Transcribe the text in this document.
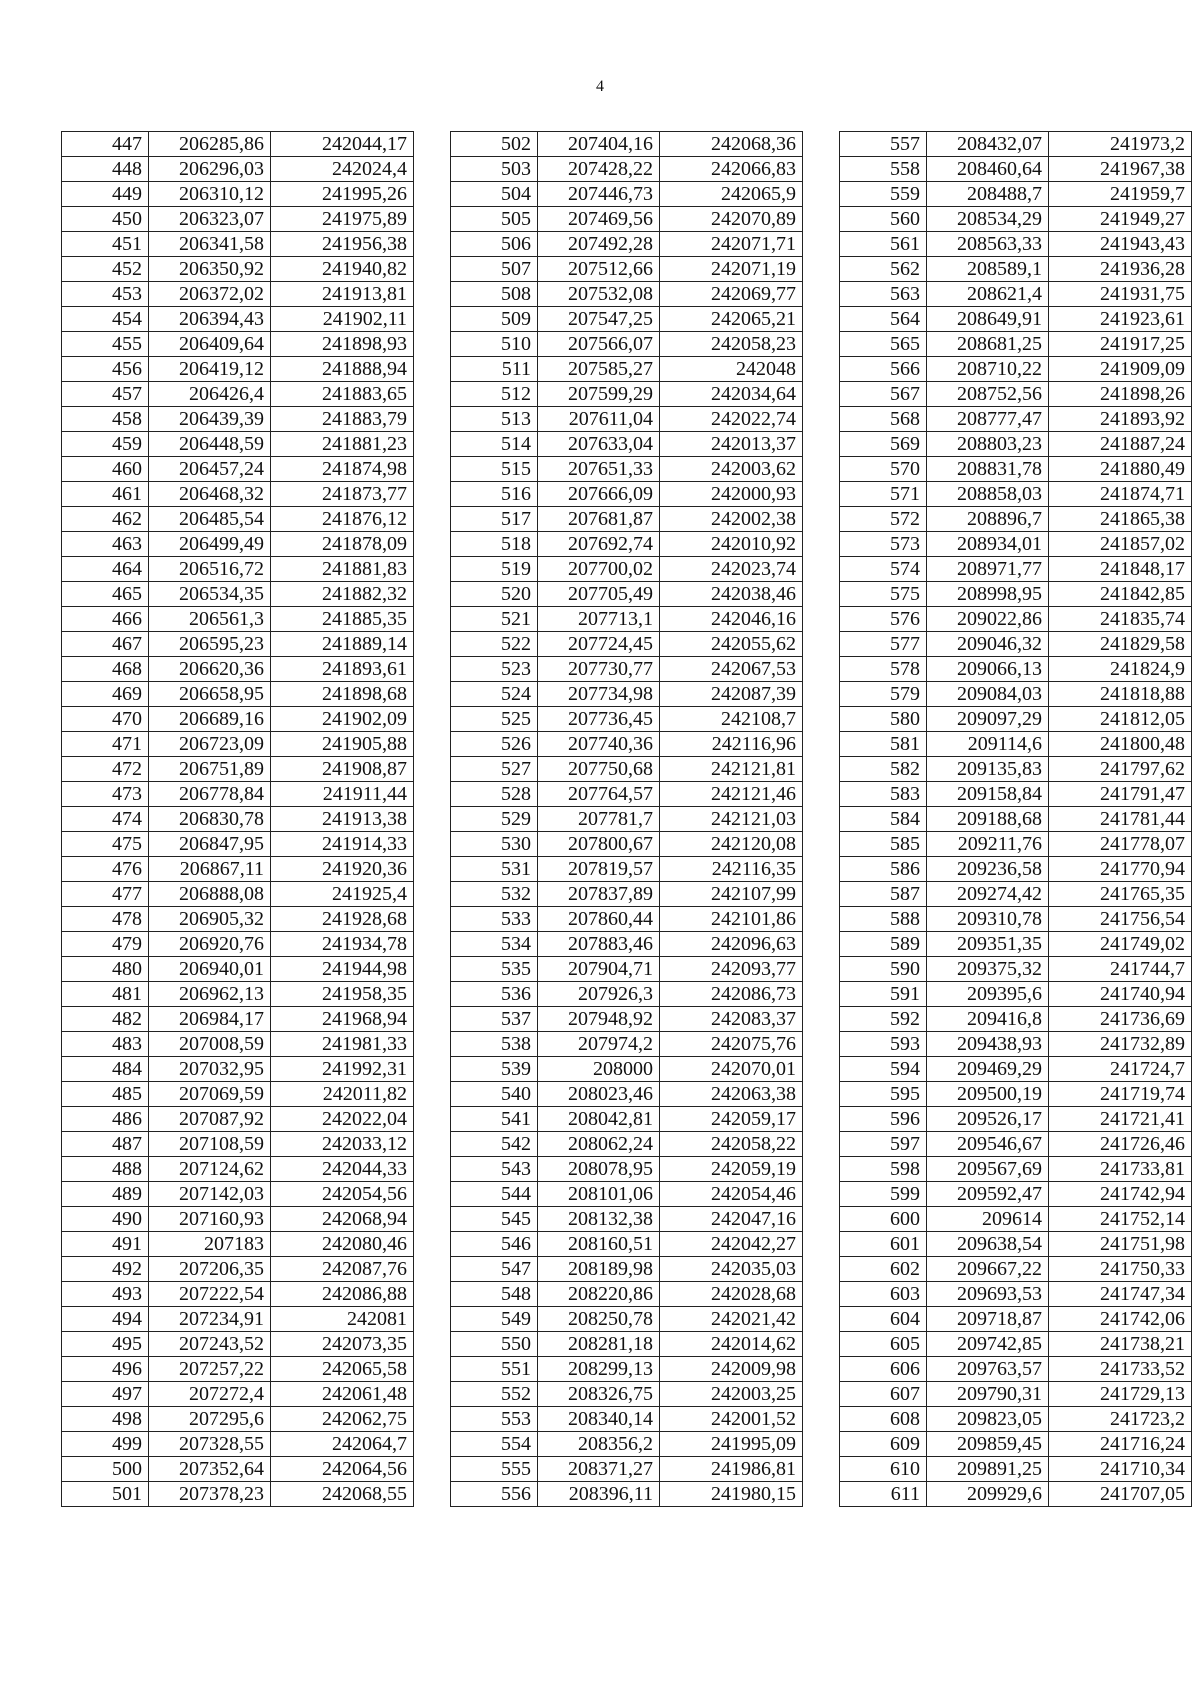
4
447	206285,86	242044,17
448	206296,03	242024,4
449	206310,12	241995,26
450	206323,07	241975,89
451	206341,58	241956,38
452	206350,92	241940,82
453	206372,02	241913,81
454	206394,43	241902,11
455	206409,64	241898,93
456	206419,12	241888,94
457	206426,4	241883,65
458	206439,39	241883,79
459	206448,59	241881,23
460	206457,24	241874,98
461	206468,32	241873,77
462	206485,54	241876,12
463	206499,49	241878,09
464	206516,72	241881,83
465	206534,35	241882,32
466	206561,3	241885,35
467	206595,23	241889,14
468	206620,36	241893,61
469	206658,95	241898,68
470	206689,16	241902,09
471	206723,09	241905,88
472	206751,89	241908,87
473	206778,84	241911,44
474	206830,78	241913,38
475	206847,95	241914,33
476	206867,11	241920,36
477	206888,08	241925,4
478	206905,32	241928,68
479	206920,76	241934,78
480	206940,01	241944,98
481	206962,13	241958,35
482	206984,17	241968,94
483	207008,59	241981,33
484	207032,95	241992,31
485	207069,59	242011,82
486	207087,92	242022,04
487	207108,59	242033,12
488	207124,62	242044,33
489	207142,03	242054,56
490	207160,93	242068,94
491	207183	242080,46
492	207206,35	242087,76
493	207222,54	242086,88
494	207234,91	242081
495	207243,52	242073,35
496	207257,22	242065,58
497	207272,4	242061,48
498	207295,6	242062,75
499	207328,55	242064,7
500	207352,64	242064,56
501	207378,23	242068,55
502	207404,16	242068,36
503	207428,22	242066,83
504	207446,73	242065,9
505	207469,56	242070,89
506	207492,28	242071,71
507	207512,66	242071,19
508	207532,08	242069,77
509	207547,25	242065,21
510	207566,07	242058,23
511	207585,27	242048
512	207599,29	242034,64
513	207611,04	242022,74
514	207633,04	242013,37
515	207651,33	242003,62
516	207666,09	242000,93
517	207681,87	242002,38
518	207692,74	242010,92
519	207700,02	242023,74
520	207705,49	242038,46
521	207713,1	242046,16
522	207724,45	242055,62
523	207730,77	242067,53
524	207734,98	242087,39
525	207736,45	242108,7
526	207740,36	242116,96
527	207750,68	242121,81
528	207764,57	242121,46
529	207781,7	242121,03
530	207800,67	242120,08
531	207819,57	242116,35
532	207837,89	242107,99
533	207860,44	242101,86
534	207883,46	242096,63
535	207904,71	242093,77
536	207926,3	242086,73
537	207948,92	242083,37
538	207974,2	242075,76
539	208000	242070,01
540	208023,46	242063,38
541	208042,81	242059,17
542	208062,24	242058,22
543	208078,95	242059,19
544	208101,06	242054,46
545	208132,38	242047,16
546	208160,51	242042,27
547	208189,98	242035,03
548	208220,86	242028,68
549	208250,78	242021,42
550	208281,18	242014,62
551	208299,13	242009,98
552	208326,75	242003,25
553	208340,14	242001,52
554	208356,2	241995,09
555	208371,27	241986,81
556	208396,11	241980,15
557	208432,07	241973,2
558	208460,64	241967,38
559	208488,7	241959,7
560	208534,29	241949,27
561	208563,33	241943,43
562	208589,1	241936,28
563	208621,4	241931,75
564	208649,91	241923,61
565	208681,25	241917,25
566	208710,22	241909,09
567	208752,56	241898,26
568	208777,47	241893,92
569	208803,23	241887,24
570	208831,78	241880,49
571	208858,03	241874,71
572	208896,7	241865,38
573	208934,01	241857,02
574	208971,77	241848,17
575	208998,95	241842,85
576	209022,86	241835,74
577	209046,32	241829,58
578	209066,13	241824,9
579	209084,03	241818,88
580	209097,29	241812,05
581	209114,6	241800,48
582	209135,83	241797,62
583	209158,84	241791,47
584	209188,68	241781,44
585	209211,76	241778,07
586	209236,58	241770,94
587	209274,42	241765,35
588	209310,78	241756,54
589	209351,35	241749,02
590	209375,32	241744,7
591	209395,6	241740,94
592	209416,8	241736,69
593	209438,93	241732,89
594	209469,29	241724,7
595	209500,19	241719,74
596	209526,17	241721,41
597	209546,67	241726,46
598	209567,69	241733,81
599	209592,47	241742,94
600	209614	241752,14
601	209638,54	241751,98
602	209667,22	241750,33
603	209693,53	241747,34
604	209718,87	241742,06
605	209742,85	241738,21
606	209763,57	241733,52
607	209790,31	241729,13
608	209823,05	241723,2
609	209859,45	241716,24
610	209891,25	241710,34
611	209929,6	241707,05
